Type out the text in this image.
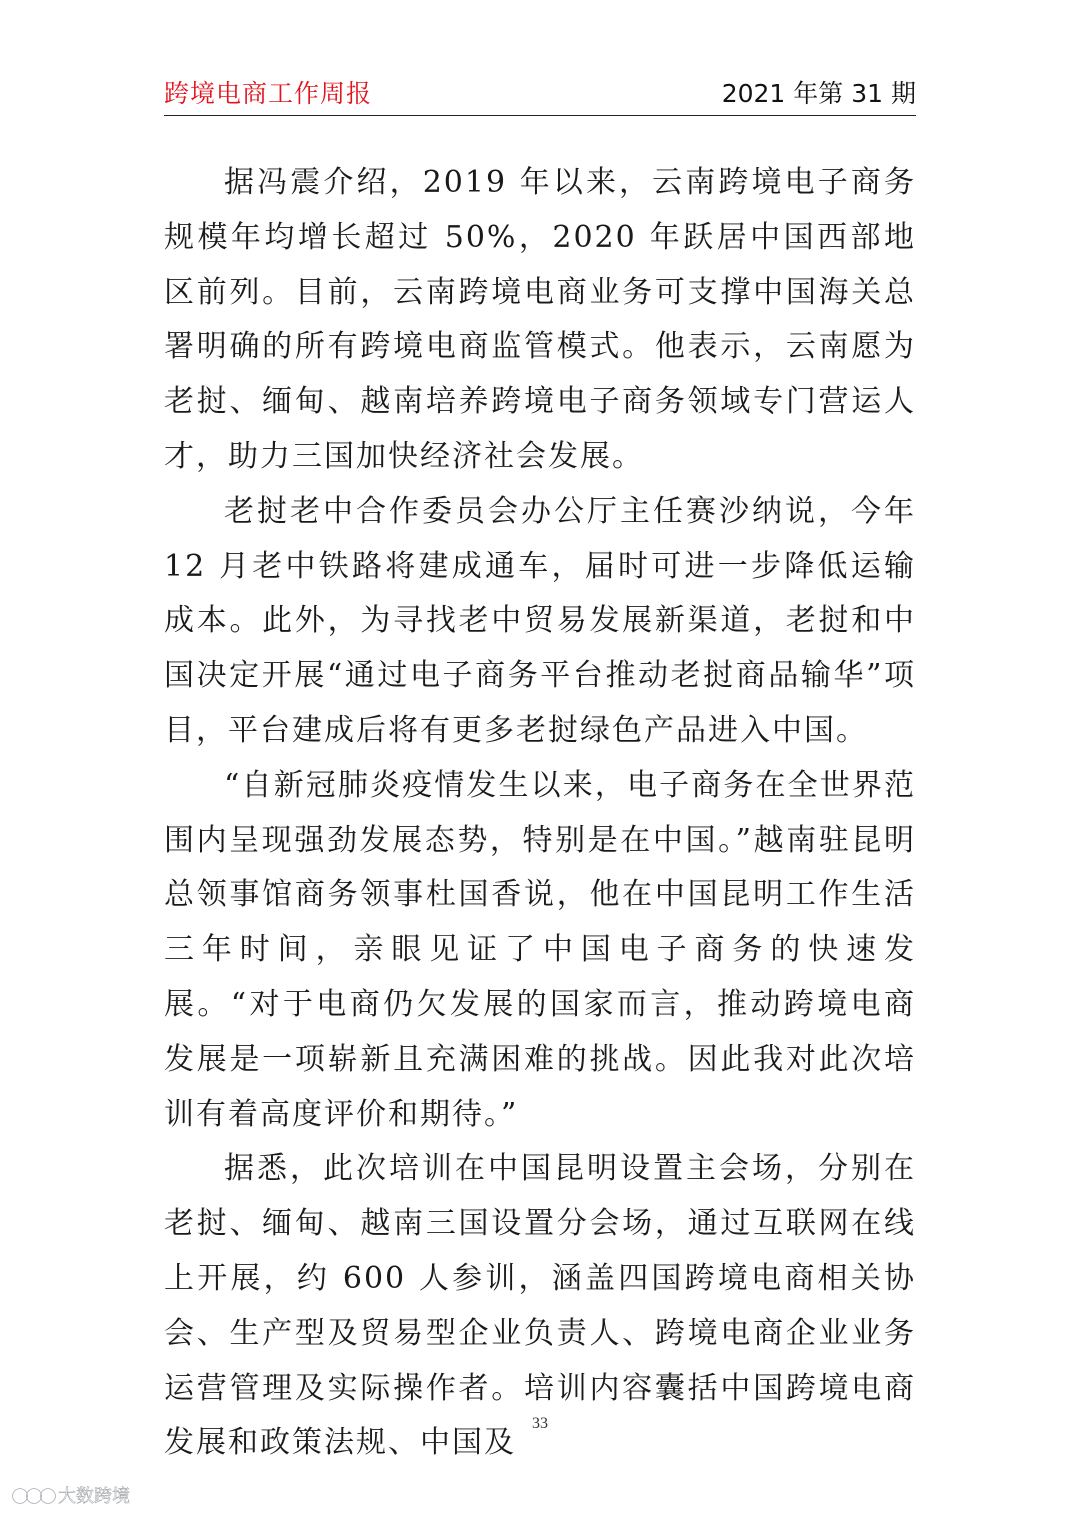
跨境电商工作周报	2021 年第 31 期

据冯震介绍，2019 年以来，云南跨境电子商务规模年均增长超过 50%，2020 年跃居中国西部地区前列。目前，云南跨境电商业务可支撑中国海关总署明确的所有跨境电商监管模式。他表示，云南愿为老挝、缅甸、越南培养跨境电子商务领域专门营运人才，助力三国加快经济社会发展。

老挝老中合作委员会办公厅主任赛沙纳说，今年 12 月老中铁路将建成通车，届时可进一步降低运输成本。此外，为寻找老中贸易发展新渠道，老挝和中国决定开展“通过电子商务平台推动老挝商品输华”项目，平台建成后将有更多老挝绿色产品进入中国。

“自新冠肺炎疫情发生以来，电子商务在全世界范围内呈现强劲发展态势，特别是在中国。”越南驻昆明总领事馆商务领事杜国香说，他在中国昆明工作生活三年时间，亲眼见证了中国电子商务的快速发展。“对于电商仍欠发展的国家而言，推动跨境电商发展是一项崭新且充满困难的挑战。因此我对此次培训有着高度评价和期待。”

据悉，此次培训在中国昆明设置主会场，分别在老挝、缅甸、越南三国设置分会场，通过互联网在线上开展，约 600 人参训，涵盖四国跨境电商相关协会、生产型及贸易型企业负责人、跨境电商企业业务运营管理及实际操作者。培训内容囊括中国跨境电商发展和政策法规、中国及

33
大数跨境
